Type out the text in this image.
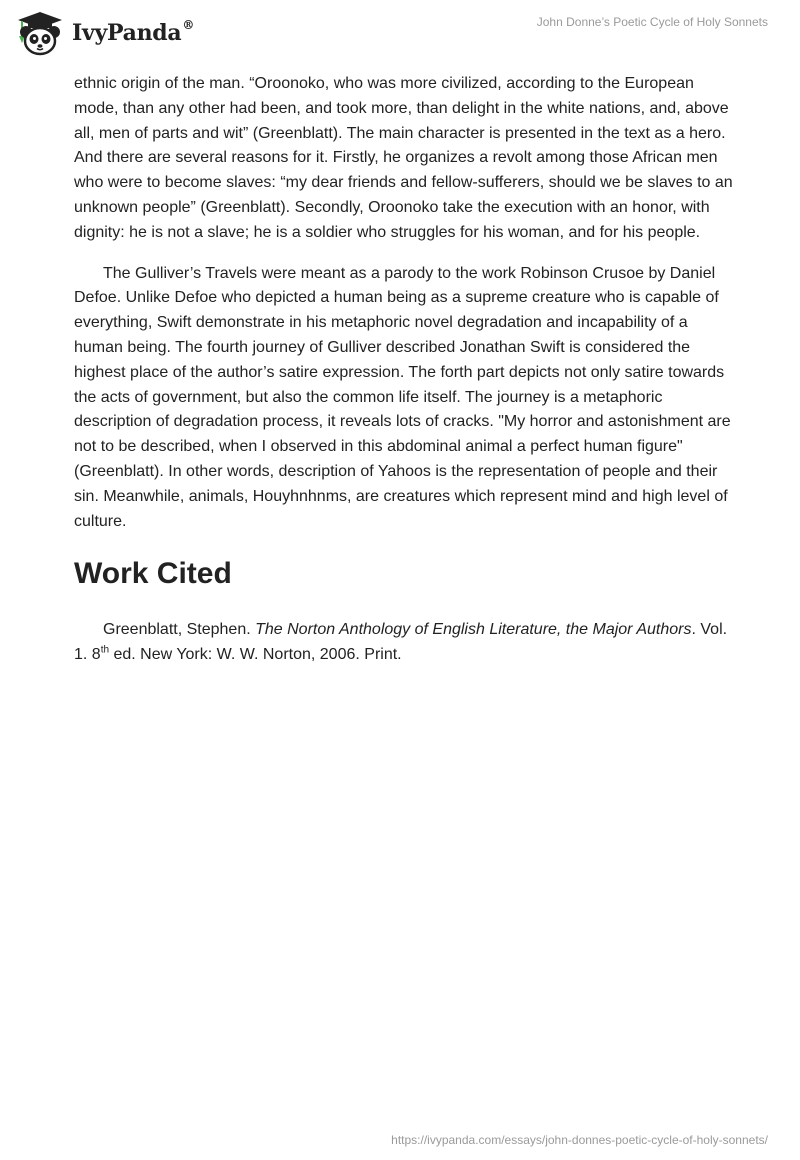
IvyPanda®	John Donne’s Poetic Cycle of Holy Sonnets

ethnic origin of the man. “Oroonoko, who was more civilized, according to the European mode, than any other had been, and took more, than delight in the white nations, and, above all, men of parts and wit” (Greenblatt). The main character is presented in the text as a hero. And there are several reasons for it. Firstly, he organizes a revolt among those African men who were to become slaves: “my dear friends and fellow-sufferers, should we be slaves to an unknown people” (Greenblatt). Secondly, Oroonoko take the execution with an honor, with dignity: he is not a slave; he is a soldier who struggles for his woman, and for his people.

The Gulliver’s Travels were meant as a parody to the work Robinson Crusoe by Daniel Defoe. Unlike Defoe who depicted a human being as a supreme creature who is capable of everything, Swift demonstrate in his metaphoric novel degradation and incapability of a human being. The fourth journey of Gulliver described Jonathan Swift is considered the highest place of the author’s satire expression. The forth part depicts not only satire towards the acts of government, but also the common life itself. The journey is a metaphoric description of degradation process, it reveals lots of cracks. "My horror and astonishment are not to be described, when I observed in this abdominal animal a perfect human figure" (Greenblatt). In other words, description of Yahoos is the representation of people and their sin. Meanwhile, animals, Houyhnhnms, are creatures which represent mind and high level of culture.

Work Cited
Greenblatt, Stephen. The Norton Anthology of English Literature, the Major Authors. Vol. 1. 8th ed. New York: W. W. Norton, 2006. Print.
https://ivypanda.com/essays/john-donnes-poetic-cycle-of-holy-sonnets/
